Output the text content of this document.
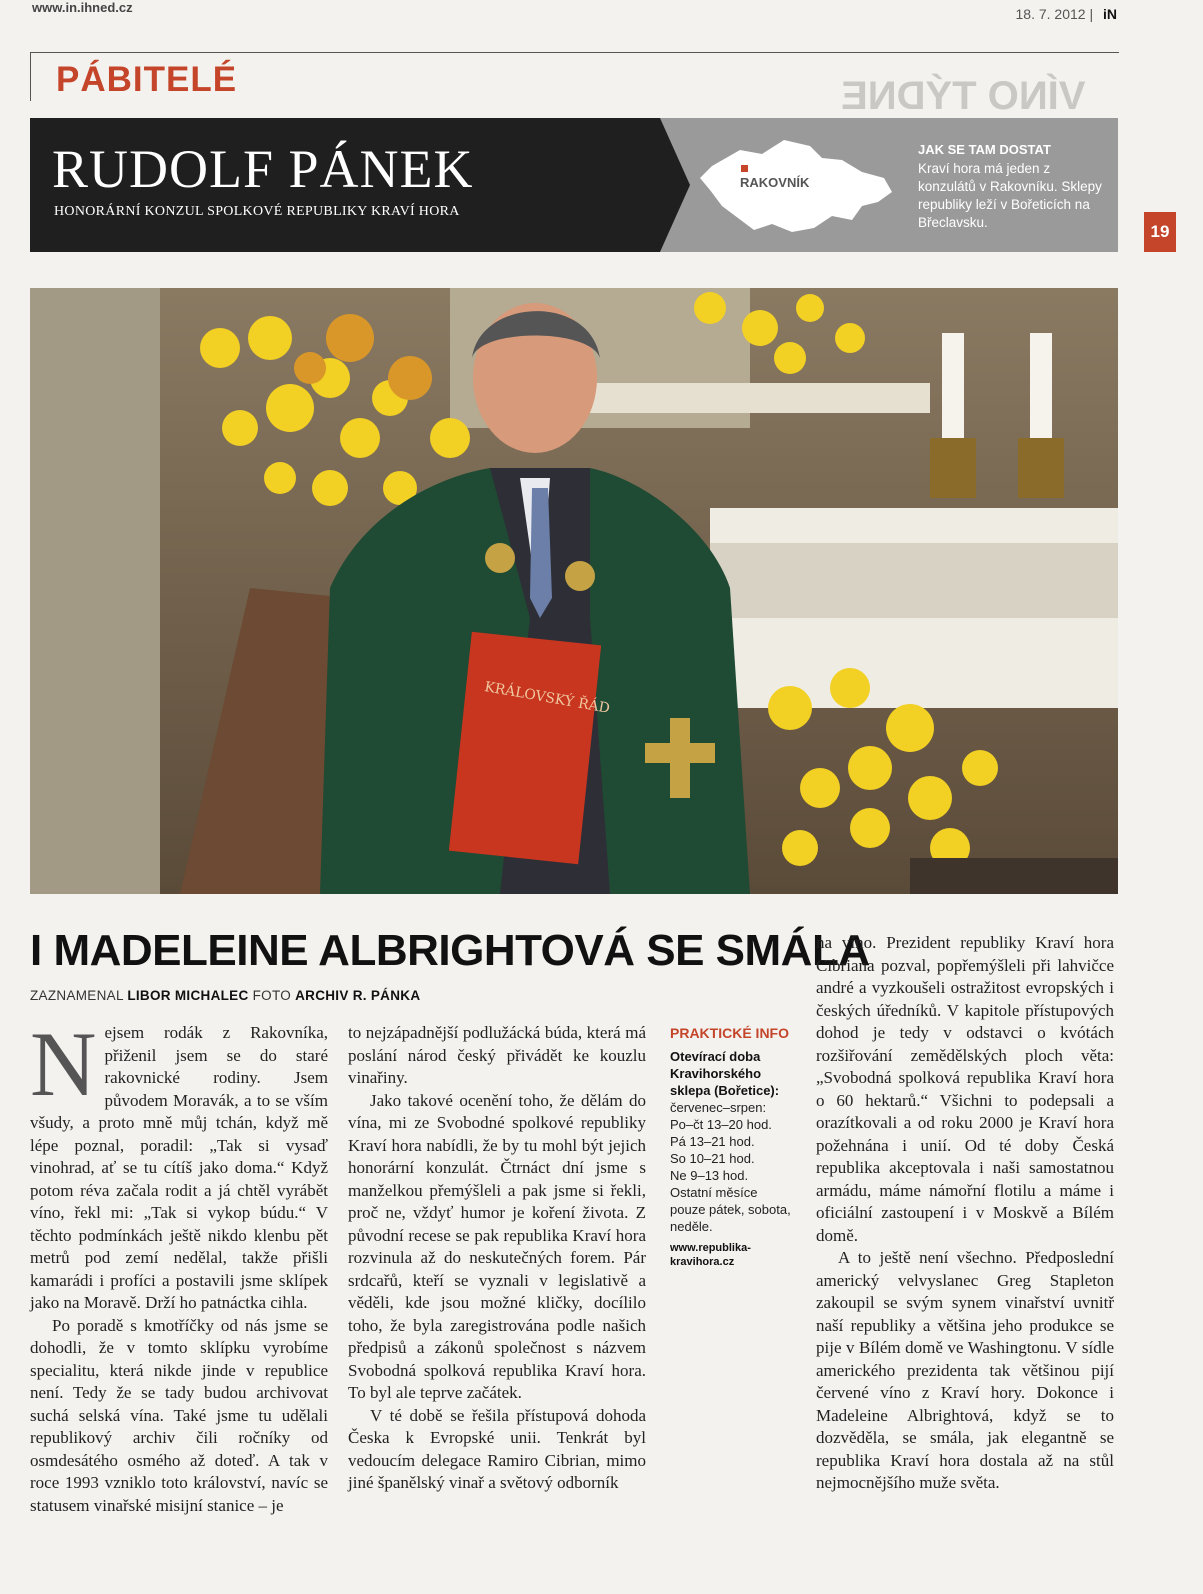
www.in.ihned.cz	18. 7. 2012 | iN
VÍNO TÝDNE
PÁBITELÉ
RUDOLF PÁNEK
HONORÁRNÍ KONZUL SPOLKOVÉ REPUBLIKY KRAVÍ HORA
RAKOVNÍK
JAK SE TAM DOSTAT
Kraví hora má jeden z konzulátů v Rakovníku. Sklepy republiky leží v Bořeticích na Břeclavsku.	19
KRÁLOVSKÝ ŘÁD
I MADELEINE ALBRIGHTOVÁ SE SMÁLA
ZAZNAMENAL LIBOR MICHALEC FOTO ARCHIV R. PÁNKA

Nejsem rodák z Rakovníka, přiženil jsem se do staré rakovnické rodiny. Jsem původem Moravák, a to se vším všudy, a proto mně můj tchán, když mě lépe poznal, poradil: „Tak si vysaď vinohrad, ať se tu cítíš jako doma.“ Když potom réva začala rodit a já chtěl vyrábět víno, řekl mi: „Tak si vykop búdu.“ V těchto podmínkách ještě nikdo klenbu pět metrů pod zemí nedělal, takže přišli kamarádi i profíci a postavili jsme sklípek jako na Moravě. Drží ho patnáctka cihla.

Po poradě s kmotříčky od nás jsme se dohodli, že v tomto sklípku vyrobíme specialitu, která nikde jinde v republice není. Tedy že se tady budou archivovat suchá selská vína. Také jsme tu udělali republikový archiv čili ročníky od osmdesátého osmého až doteď. A tak v roce 1993 vzniklo toto království, navíc se statusem vinařské misijní stanice – je

to nejzápadnější podlužácká búda, která má poslání národ český přivádět ke kouzlu vinařiny.

Jako takové ocenění toho, že dělám do vína, mi ze Svobodné spolkové republiky Kraví hora nabídli, že by tu mohl být jejich honorární konzulát. Čtrnáct dní jsme s manželkou přemýšleli a pak jsme si řekli, proč ne, vždyť humor je koření života. Z původní recese se pak republika Kraví hora rozvinula až do neskutečných forem. Pár srdcařů, kteří se vyznali v legislativě a věděli, kde jsou možné kličky, docílilo toho, že byla zaregistrována podle našich předpisů a zákonů společnost s názvem Svobodná spolková republika Kraví hora. To byl ale teprve začátek.

V té době se řešila přístupová dohoda Česka k Evropské unii. Tenkrát byl vedoucím delegace Ramiro Cibrian, mimo jiné španělský vinař a světový odborník

PRAKTICKÉ INFO
Otevírací doba Kravihorského sklepa (Bořetice):
červenec–srpen:
Po–čt 13–20 hod.
Pá 13–21 hod.
So 10–21 hod.
Ne 9–13 hod.
Ostatní měsíce pouze pátek, sobota, neděle.
www.republika-kravihora.cz

na víno. Prezident republiky Kraví hora Cibriana pozval, popřemýšleli při lahvičce andré a vyzkoušeli ostražitost evropských i českých úředníků. V kapitole přístupových dohod je tedy v odstavci o kvótách rozšiřování zemědělských ploch věta: „Svobodná spolková republika Kraví hora o 60 hektarů.“ Všichni to podepsali a orazítkovali a od roku 2000 je Kraví hora požehnána i unií. Od té doby Česká republika akceptovala i naši samostatnou armádu, máme námořní flotilu a máme i oficiální zastoupení i v Moskvě a Bílém domě.

A to ještě není všechno. Předposlední americký velvyslanec Greg Stapleton zakoupil se svým synem vinařství uvnitř naší republiky a většina jeho produkce se pije v Bílém domě ve Washingtonu. V sídle amerického prezidenta tak většinou pijí červené víno z Kraví hory. Dokonce i Madeleine Albrightová, když se to dozvěděla, se smála, jak elegantně se republika Kraví hora dostala až na stůl nejmocnějšího muže světa.
